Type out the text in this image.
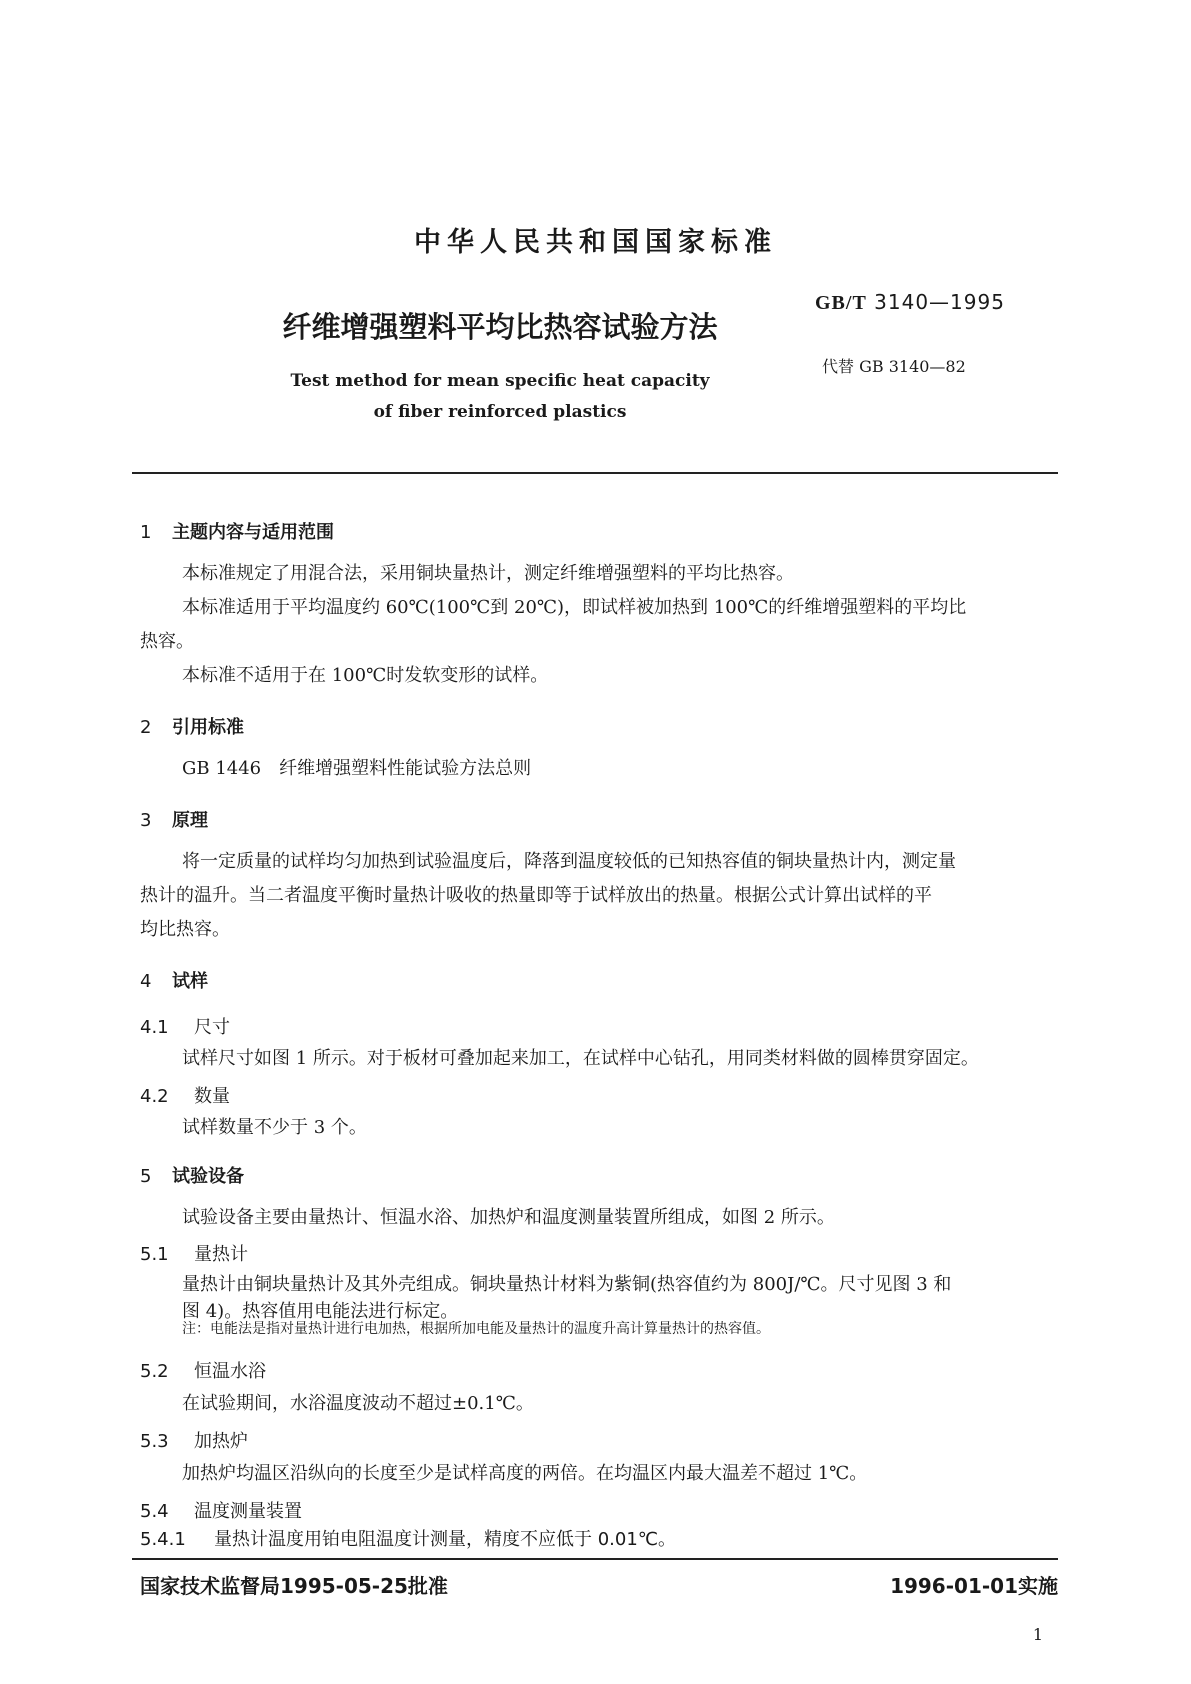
中华人民共和国国家标准
纤维增强塑料平均比热容试验方法
Test method for mean specific heat capacity
of fiber reinforced plastics
GB/T 3140—1995
代替 GB 3140—82
1 主题内容与适用范围
本标准规定了用混合法，采用铜块量热计，测定纤维增强塑料的平均比热容。
本标准适用于平均温度约 60℃(100℃到 20℃)，即试样被加热到 100℃的纤维增强塑料的平均比
热容。
本标准不适用于在 100℃时发软变形的试样。
2 引用标准
GB 1446　纤维增强塑料性能试验方法总则
3 原理
将一定质量的试样均匀加热到试验温度后，降落到温度较低的已知热容值的铜块量热计内，测定量
热计的温升。当二者温度平衡时量热计吸收的热量即等于试样放出的热量。根据公式计算出试样的平
均比热容。
4 试样
4.1 尺寸
试样尺寸如图 1 所示。对于板材可叠加起来加工，在试样中心钻孔，用同类材料做的圆棒贯穿固定。
4.2 数量
试样数量不少于 3 个。
5 试验设备
试验设备主要由量热计、恒温水浴、加热炉和温度测量装置所组成，如图 2 所示。
5.1 量热计
量热计由铜块量热计及其外壳组成。铜块量热计材料为紫铜(热容值约为 800J/℃。尺寸见图 3 和
图 4)。热容值用电能法进行标定。
注：电能法是指对量热计进行电加热，根据所加电能及量热计的温度升高计算量热计的热容值。
5.2 恒温水浴
在试验期间，水浴温度波动不超过±0.1℃。
5.3 加热炉
加热炉均温区沿纵向的长度至少是试样高度的两倍。在均温区内最大温差不超过 1℃。
5.4 温度测量装置
5.4.1 量热计温度用铂电阻温度计测量，精度不应低于 0.01℃。
国家技术监督局1995-05-25批准	1996-01-01实施
1
